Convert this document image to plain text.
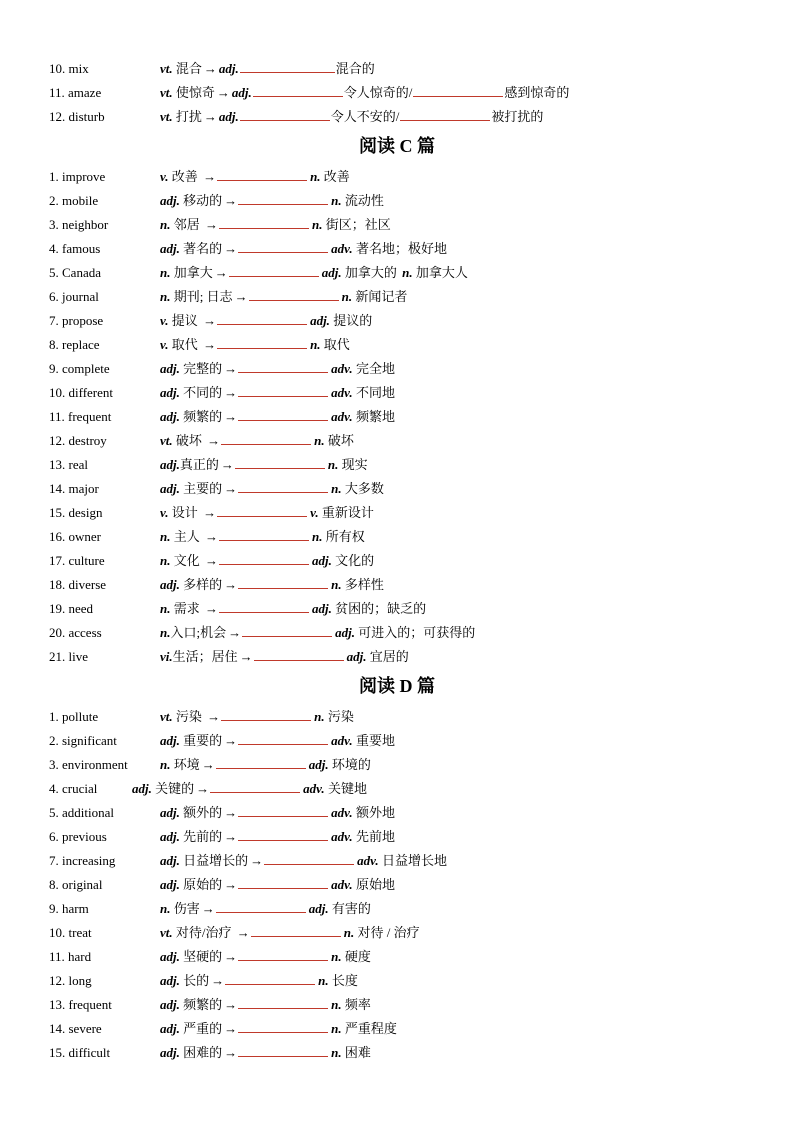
10. mix	vt. 混合 → adj.	混合的
11. amaze	vt. 使惊奇 → adj.	令人惊奇的/	感到惊奇的
12. disturb	vt. 打扰 → adj.	令人不安的/	被打扰的
阅读 C 篇
1. improve	v. 改善 →	n. 改善
2. mobile	adj. 移动的 →	n. 流动性
3. neighbor	n. 邻居 →	n. 街区；社区
4. famous	adj. 著名的 →	adv. 著名地；极好地
5. Canada	n. 加拿大 →	adj. 加拿大的 n. 加拿大人
6. journal	n. 期刊; 日志 →	n. 新闻记者
7. propose	v. 提议 →	adj. 提议的
8. replace	v. 取代 →	n. 取代
9. complete	adj. 完整的 →	adv. 完全地
10. different	adj. 不同的 →	adv. 不同地
11. frequent	adj. 频繁的 →	adv. 频繁地
12. destroy	vt. 破坏 →	n. 破坏
13. real	adj. 真正的 →	n. 现实
14. major	adj. 主要的 →	n. 大多数
15. design	v. 设计 →	v. 重新设计
16. owner	n. 主人 →	n. 所有权
17. culture	n. 文化 →	adj. 文化的
18. diverse	adj. 多样的 →	n. 多样性
19. need	n. 需求 →	adj. 贫困的；缺乏的
20. access	n. 入口;机会 →	adj. 可进入的；可获得的
21. live	vi. 生活；居住 →	adj. 宜居的
阅读 D 篇
1. pollute	vt. 污染 →	n. 污染
2. significant	adj. 重要的 →	adv. 重要地
3. environment n. 环境 →	adj. 环境的
4. crucial	adj. 关键的 →	adv. 关键地
5. additional	adj. 额外的 →	adv. 额外地
6. previous	adj. 先前的 →	adv. 先前地
7. increasing	adj. 日益增长的 →	adv. 日益增长地
8. original	adj. 原始的 →	adv. 原始地
9. harm	n. 伤害 →	adj. 有害的
10. treat	vt. 对待/治疗 →	n. 对待 / 治疗
11. hard	adj. 坚硬的 →	n. 硬度
12. long	adj. 长的 →	n. 长度
13. frequent	adj. 频繁的 →	n. 频率
14. severe	adj. 严重的 →	n. 严重程度
15. difficult	adj. 困难的 →	n. 困难
